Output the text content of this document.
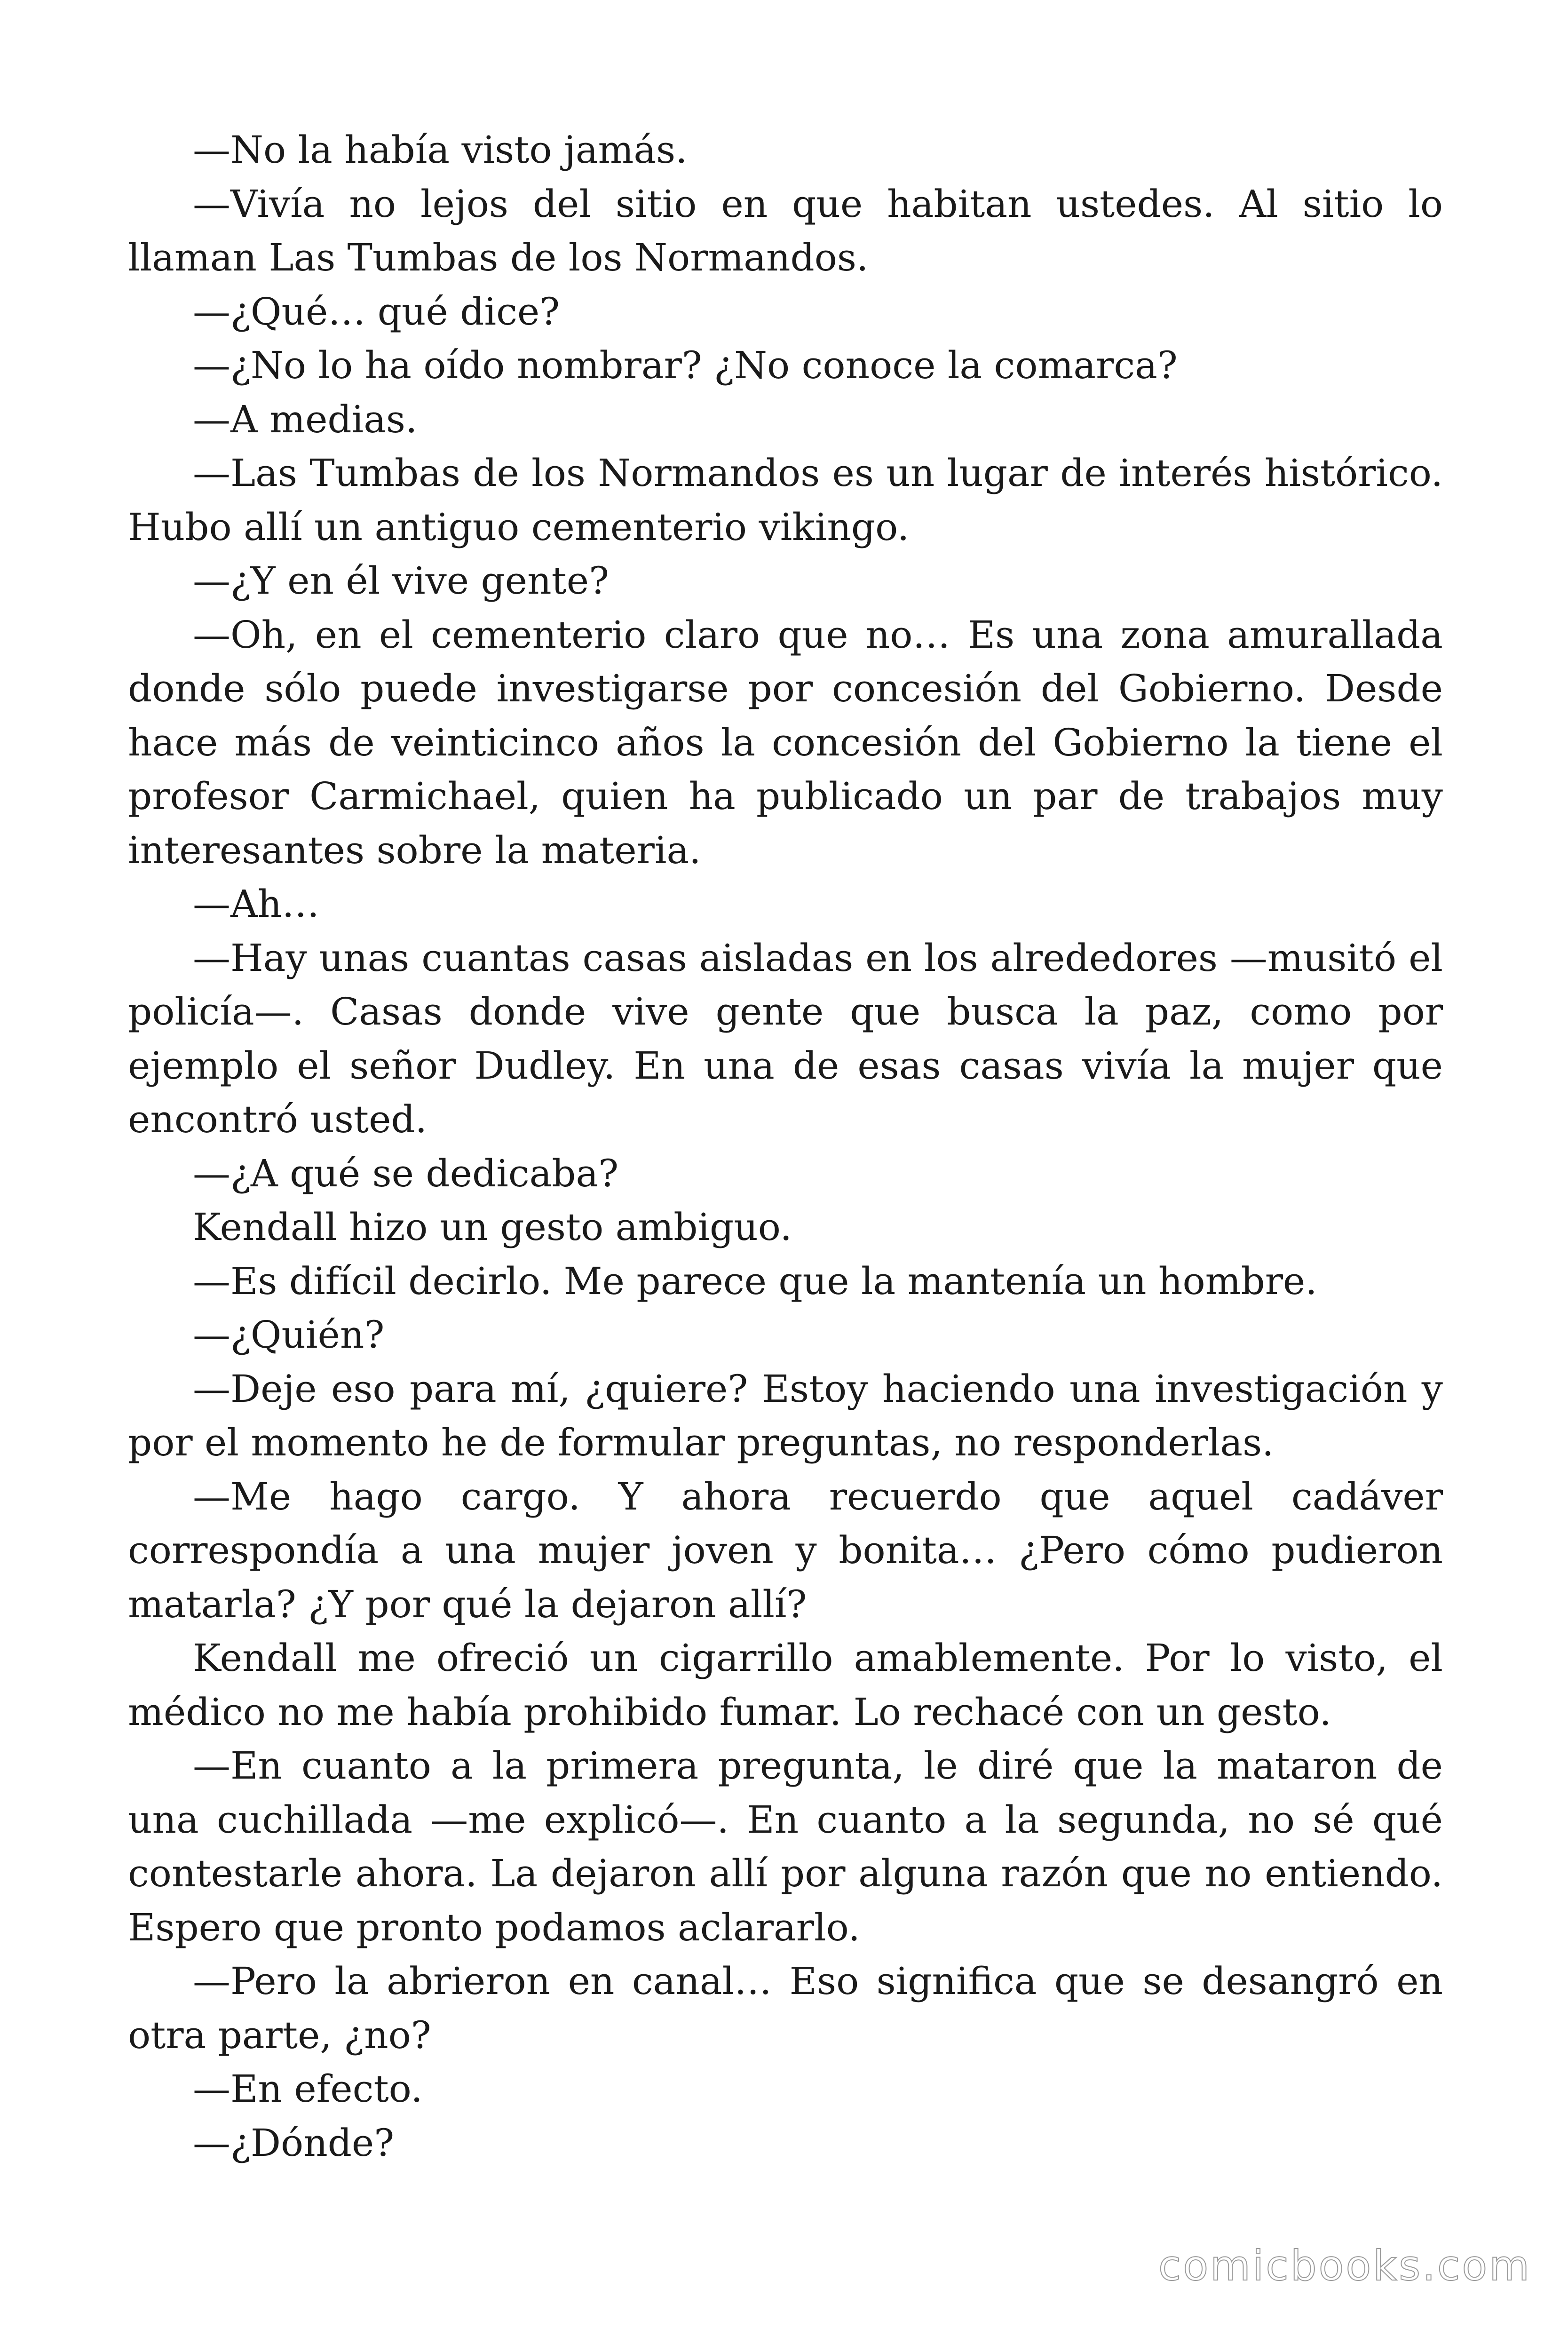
—No la había visto jamás.

—Vivía no lejos del sitio en que habitan ustedes. Al sitio lo llaman Las Tumbas de los Normandos.

—¿Qué… qué dice?

—¿No lo ha oído nombrar? ¿No conoce la comarca?

—A medias.

—Las Tumbas de los Normandos es un lugar de interés histórico. Hubo allí un antiguo cementerio vikingo.

—¿Y en él vive gente?

—Oh, en el cementerio claro que no… Es una zona amurallada donde sólo puede investigarse por concesión del Gobierno. Desde hace más de veinticinco años la concesión del Gobierno la tiene el profesor Carmichael, quien ha publicado un par de trabajos muy interesantes sobre la materia.

—Ah…

—Hay unas cuantas casas aisladas en los alrededores —musitó el policía—. Casas donde vive gente que busca la paz, como por ejemplo el señor Dudley. En una de esas casas vivía la mujer que encontró usted.

—¿A qué se dedicaba?

Kendall hizo un gesto ambiguo.

—Es difícil decirlo. Me parece que la mantenía un hombre.

—¿Quién?

—Deje eso para mí, ¿quiere? Estoy haciendo una investigación y por el momento he de formular preguntas, no responderlas.

—Me hago cargo. Y ahora recuerdo que aquel cadáver correspondía a una mujer joven y bonita… ¿Pero cómo pudieron matarla? ¿Y por qué la dejaron allí?

Kendall me ofreció un cigarrillo amablemente. Por lo visto, el médico no me había prohibido fumar. Lo rechacé con un gesto.

—En cuanto a la primera pregunta, le diré que la mataron de una cuchillada —me explicó—. En cuanto a la segunda, no sé qué contestarle ahora. La dejaron allí por alguna razón que no entiendo. Espero que pronto podamos aclararlo.

—Pero la abrieron en canal… Eso significa que se desangró en otra parte, ¿no?

—En efecto.

—¿Dónde?

comicbooks.com
